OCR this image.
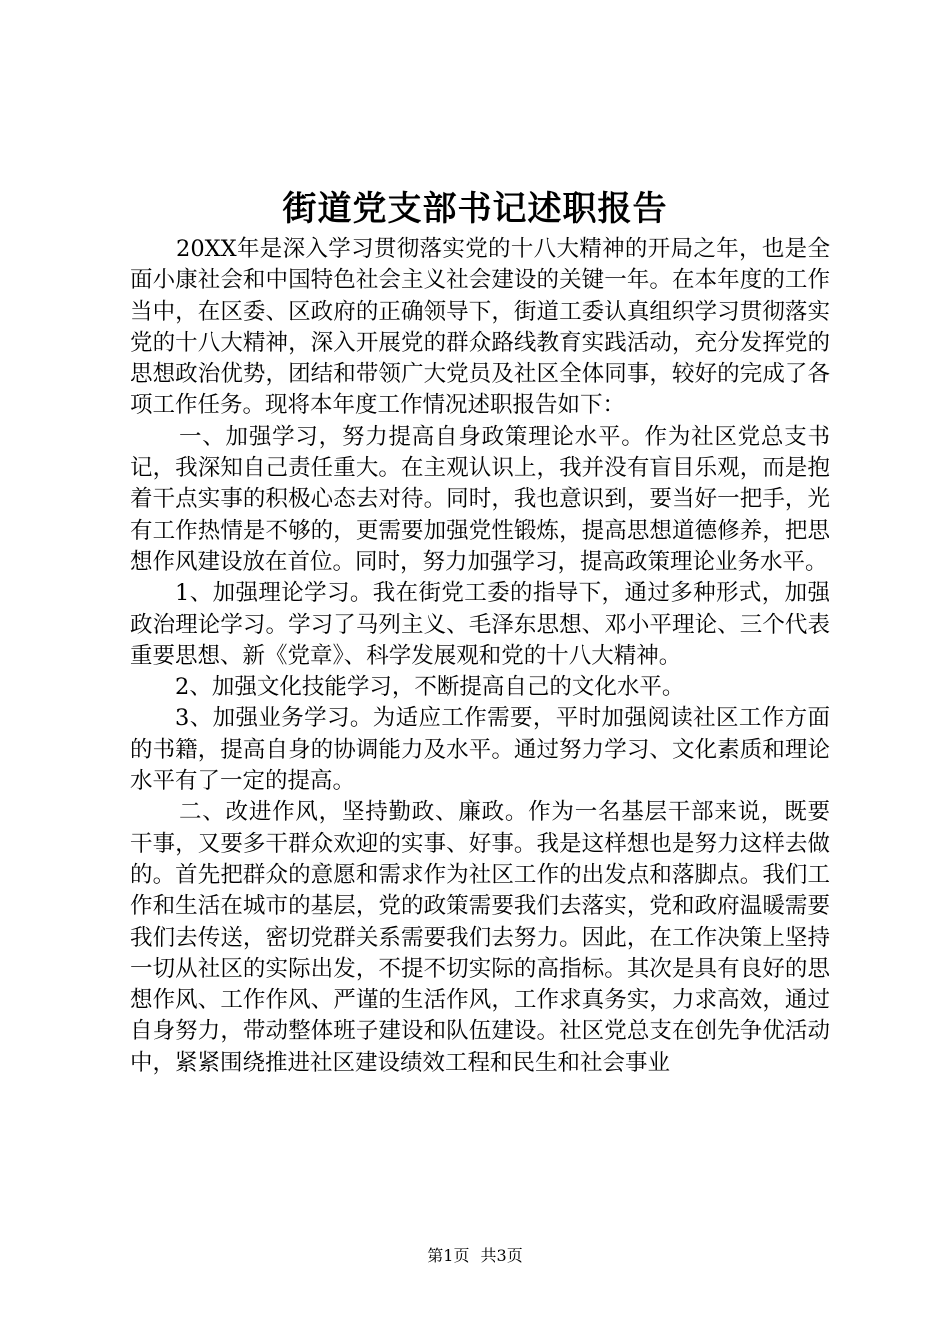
街道党支部书记述职报告

20XX年是深入学习贯彻落实党的十八大精神的开局之年，也是全面小康社会和中国特色社会主义社会建设的关键一年。在本年度的工作当中，在区委、区政府的正确领导下，街道工委认真组织学习贯彻落实党的十八大精神，深入开展党的群众路线教育实践活动，充分发挥党的思想政治优势，团结和带领广大党员及社区全体同事，较好的完成了各项工作任务。现将本年度工作情况述职报告如下：

一、加强学习，努力提高自身政策理论水平。作为社区党总支书记，我深知自己责任重大。在主观认识上，我并没有盲目乐观，而是抱着干点实事的积极心态去对待。同时，我也意识到，要当好一把手，光有工作热情是不够的，更需要加强党性锻炼，提高思想道德修养，把思想作风建设放在首位。同时，努力加强学习，提高政策理论业务水平。

1、加强理论学习。我在街党工委的指导下，通过多种形式，加强政治理论学习。学习了马列主义、毛泽东思想、邓小平理论、三个代表重要思想、新《党章》、科学发展观和党的十八大精神。

2、加强文化技能学习，不断提高自己的文化水平。

3、加强业务学习。为适应工作需要，平时加强阅读社区工作方面的书籍，提高自身的协调能力及水平。通过努力学习、文化素质和理论水平有了一定的提高。

二、改进作风，坚持勤政、廉政。作为一名基层干部来说，既要干事，又要多干群众欢迎的实事、好事。我是这样想也是努力这样去做的。首先把群众的意愿和需求作为社区工作的出发点和落脚点。我们工作和生活在城市的基层，党的政策需要我们去落实，党和政府温暖需要我们去传送，密切党群关系需要我们去努力。因此，在工作决策上坚持一切从社区的实际出发，不提不切实际的高指标。其次是具有良好的思想作风、工作作风、严谨的生活作风，工作求真务实，力求高效，通过自身努力，带动整体班子建设和队伍建设。社区党总支在创先争优活动中，紧紧围绕推进社区建设绩效工程和民生和社会事业

第1页 共3页
